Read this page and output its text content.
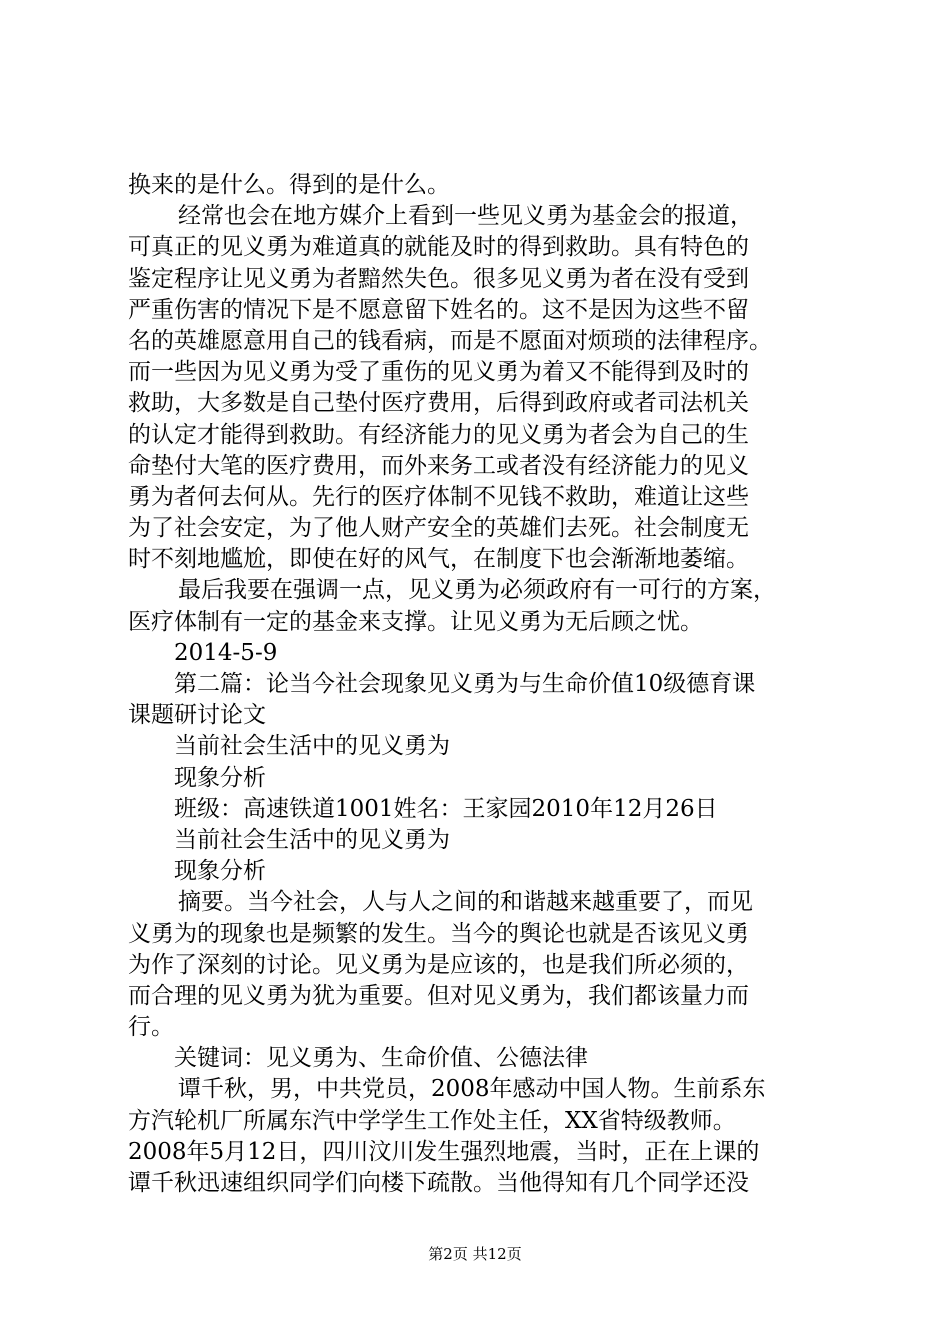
换来的是什么。得到的是什么。
经常也会在地方媒介上看到一些见义勇为基金会的报道，
可真正的见义勇为难道真的就能及时的得到救助。具有特色的
鉴定程序让见义勇为者黯然失色。很多见义勇为者在没有受到
严重伤害的情况下是不愿意留下姓名的。这不是因为这些不留
名的英雄愿意用自己的钱看病，而是不愿面对烦琐的法律程序。
而一些因为见义勇为受了重伤的见义勇为着又不能得到及时的
救助，大多数是自己垫付医疗费用，后得到政府或者司法机关
的认定才能得到救助。有经济能力的见义勇为者会为自己的生
命垫付大笔的医疗费用，而外来务工或者没有经济能力的见义
勇为者何去何从。先行的医疗体制不见钱不救助，难道让这些
为了社会安定，为了他人财产安全的英雄们去死。社会制度无
时不刻地尴尬，即使在好的风气，在制度下也会渐渐地萎缩。
最后我要在强调一点，见义勇为必须政府有一可行的方案，
医疗体制有一定的基金来支撑。让见义勇为无后顾之忧。
2014-5-9
第二篇：论当今社会现象见义勇为与生命价值10级德育课
课题研讨论文
当前社会生活中的见义勇为
现象分析
班级：高速铁道1001姓名：王家园2010年12月26日
当前社会生活中的见义勇为
现象分析
摘要。当今社会，人与人之间的和谐越来越重要了，而见
义勇为的现象也是频繁的发生。当今的舆论也就是否该见义勇
为作了深刻的讨论。见义勇为是应该的，也是我们所必须的，
而合理的见义勇为犹为重要。但对见义勇为，我们都该量力而
行。
关键词：见义勇为、生命价值、公德法律
谭千秋，男，中共党员，2008年感动中国人物。生前系东
方汽轮机厂所属东汽中学学生工作处主任，XX省特级教师。
2008年5月12日，四川汶川发生强烈地震，当时，正在上课的
谭千秋迅速组织同学们向楼下疏散。当他得知有几个同学还没
第2页 共12页
